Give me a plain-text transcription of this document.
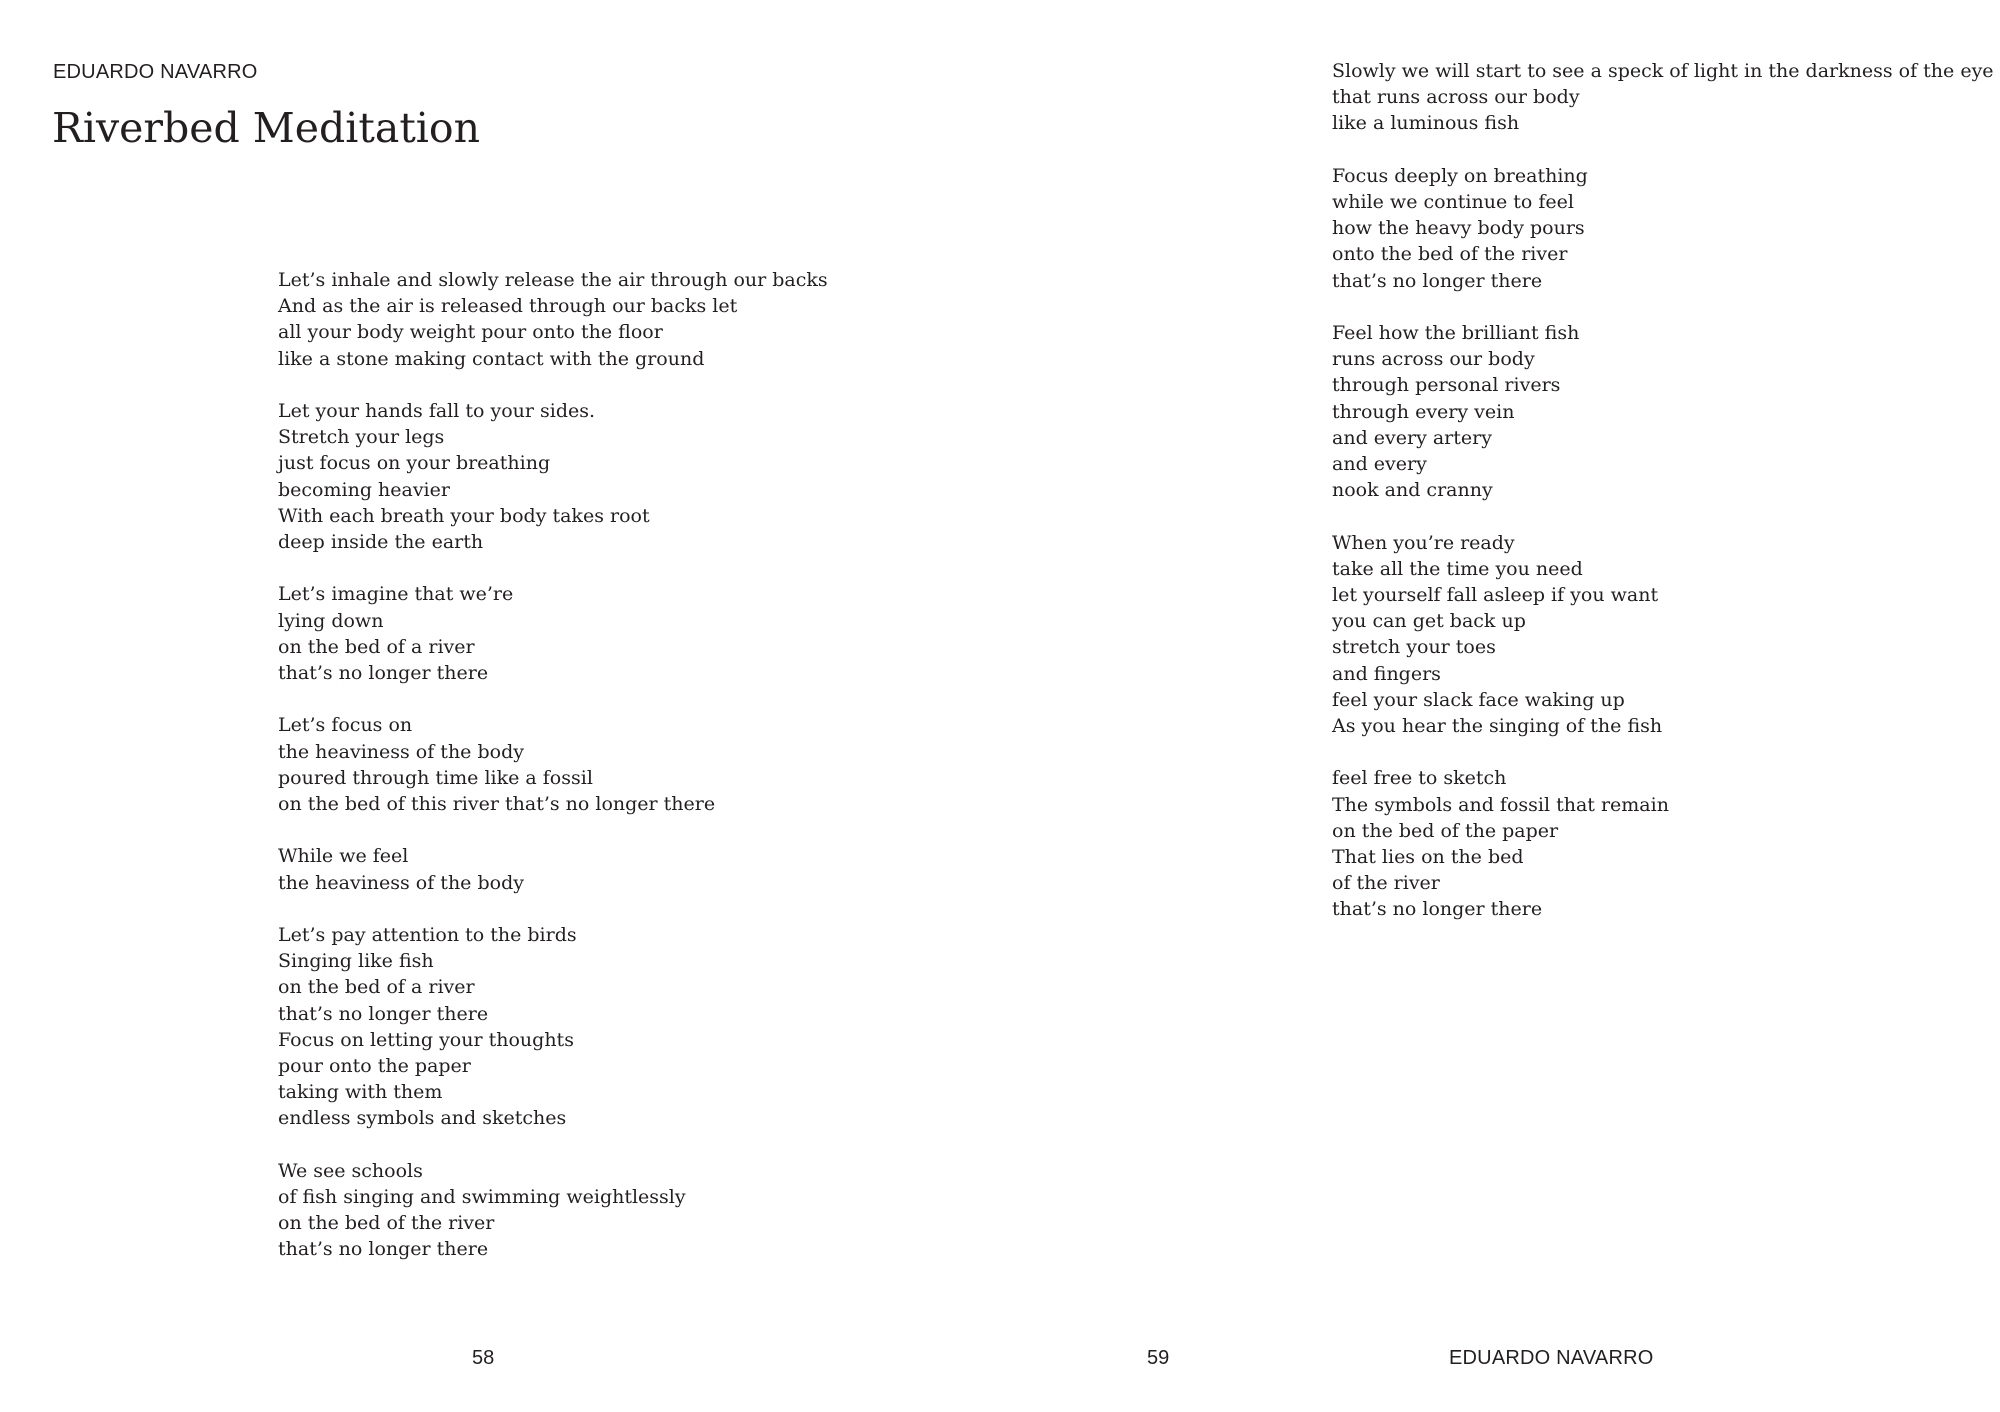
EDUARDO NAVARRO
Riverbed Meditation

Let’s inhale and slowly release the air through our backs
And as the air is released through our backs let
all your body weight pour onto the floor
like a stone making contact with the ground

Let your hands fall to your sides.
Stretch your legs
just focus on your breathing
becoming heavier
With each breath your body takes root
deep inside the earth

Let’s imagine that we’re
lying down
on the bed of a river
that’s no longer there

Let’s focus on
the heaviness of the body
poured through time like a fossil
on the bed of this river that’s no longer there

While we feel
the heaviness of the body

Let’s pay attention to the birds
Singing like fish
on the bed of a river
that’s no longer there
Focus on letting your thoughts
pour onto the paper
taking with them
endless symbols and sketches

We see schools
of fish singing and swimming weightlessly
on the bed of the river
that’s no longer there

58

Slowly we will start to see a speck of light in the darkness of the eye
that runs across our body
like a luminous fish

Focus deeply on breathing
while we continue to feel
how the heavy body pours
onto the bed of the river
that’s no longer there

Feel how the brilliant fish
runs across our body
through personal rivers
through every vein
and every artery
and every
nook and cranny

When you’re ready
take all the time you need
let yourself fall asleep if you want
you can get back up
stretch your toes
and fingers
feel your slack face waking up
As you hear the singing of the fish

feel free to sketch
The symbols and fossil that remain
on the bed of the paper
That lies on the bed
of the river
that’s no longer there

59	EDUARDO NAVARRO
